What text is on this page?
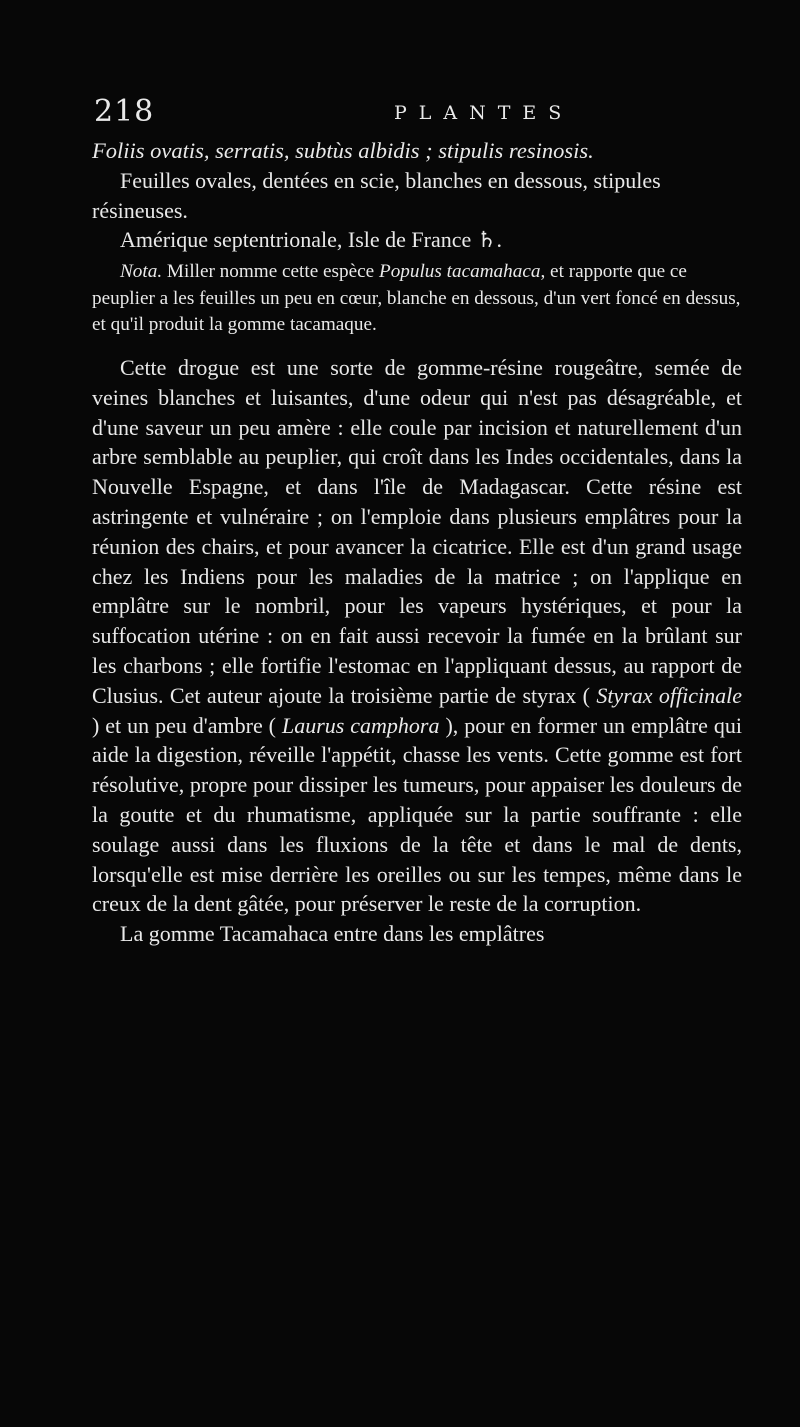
218	PLANTES

Foliis ovatis, serratis, subtùs albidis ; stipulis resinosis.

Feuilles ovales, dentées en scie, blanches en dessous, stipules résineuses.

Amérique septentrionale, Isle de France ♄.

Nota. Miller nomme cette espèce Populus tacamahaca, et rapporte que ce peuplier a les feuilles un peu en cœur, blanche en dessous, d'un vert foncé en dessus, et qu'il produit la gomme tacamaque.

Cette drogue est une sorte de gomme-résine rougeâtre, semée de veines blanches et luisantes, d'une odeur qui n'est pas désagréable, et d'une saveur un peu amère : elle coule par incision et naturellement d'un arbre semblable au peuplier, qui croît dans les Indes occidentales, dans la Nouvelle Espagne, et dans l'île de Madagascar. Cette résine est astringente et vulnéraire ; on l'emploie dans plusieurs emplâtres pour la réunion des chairs, et pour avancer la cicatrice. Elle est d'un grand usage chez les Indiens pour les maladies de la matrice ; on l'applique en emplâtre sur le nombril, pour les vapeurs hystériques, et pour la suffocation utérine : on en fait aussi recevoir la fumée en la brûlant sur les charbons ; elle fortifie l'estomac en l'appliquant dessus, au rapport de Clusius. Cet auteur ajoute la troisième partie de styrax ( Styrax officinale ) et un peu d'ambre ( Laurus camphora ), pour en former un emplâtre qui aide la digestion, réveille l'appétit, chasse les vents. Cette gomme est fort résolutive, propre pour dissiper les tumeurs, pour appaiser les douleurs de la goutte et du rhumatisme, appliquée sur la partie souffrante : elle soulage aussi dans les fluxions de la tête et dans le mal de dents, lorsqu'elle est mise derrière les oreilles ou sur les tempes, même dans le creux de la dent gâtée, pour préserver le reste de la corruption.

La gomme Tacamahaca entre dans les emplâtres
